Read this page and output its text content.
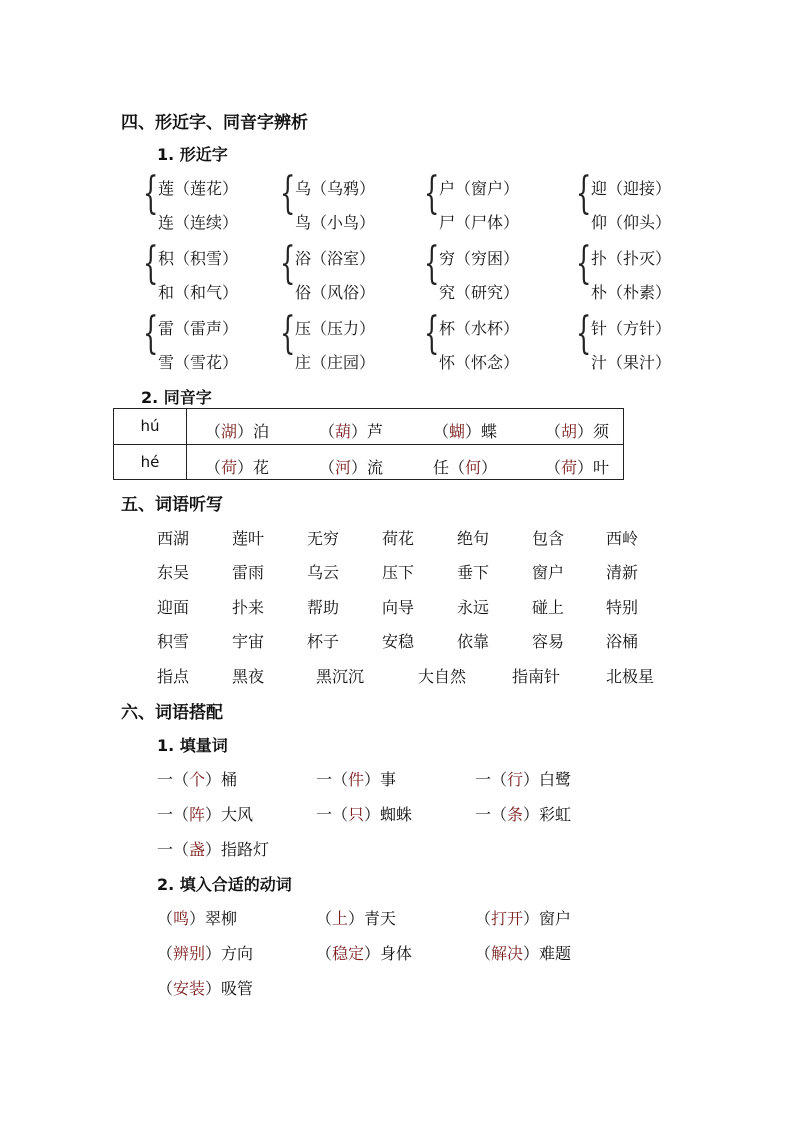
四、形近字、同音字辨析
1. 形近字
{ 莲（莲花）
连（连续）
{ 乌（乌鸦）
鸟（小鸟）
{ 户（窗户）
尸（尸体）
{ 迎（迎接）
仰（仰头）
{ 积（积雪）
和（和气）
{ 浴（浴室）
俗（风俗）
{ 穷（穷困）
究（研究）
{ 扑（扑灭）
朴（朴素）
{ 雷（雷声）
雪（雪花）
{ 压（压力）
庄（庄园）
{ 杯（水杯）
怀（怀念）
{ 针（方针）
汁（果汁）
2. 同音字
hú	（湖）泊 （葫）芦 （蝴）蝶 （胡）须

hé	（荷）花 （河）流 任（何） （荷）叶
五、词语听写
西湖	莲叶	无穷	荷花	绝句	包含	西岭
东吴	雷雨	乌云	压下	垂下	窗户	清新
迎面	扑来	帮助	向导	永远	碰上	特别
积雪	宇宙	杯子	安稳	依靠	容易	浴桶
指点	黑夜	黑沉沉	大自然	指南针	北极星
六、词语搭配
1. 填量词
一（个）桶	一（件）事	一（行）白鹭
一（阵）大风	一（只）蜘蛛	一（条）彩虹
一（盏）指路灯
2. 填入合适的动词
（鸣）翠柳	（上）青天	（打开）窗户
（辨别）方向	（稳定）身体	（解决）难题
（安装）吸管
